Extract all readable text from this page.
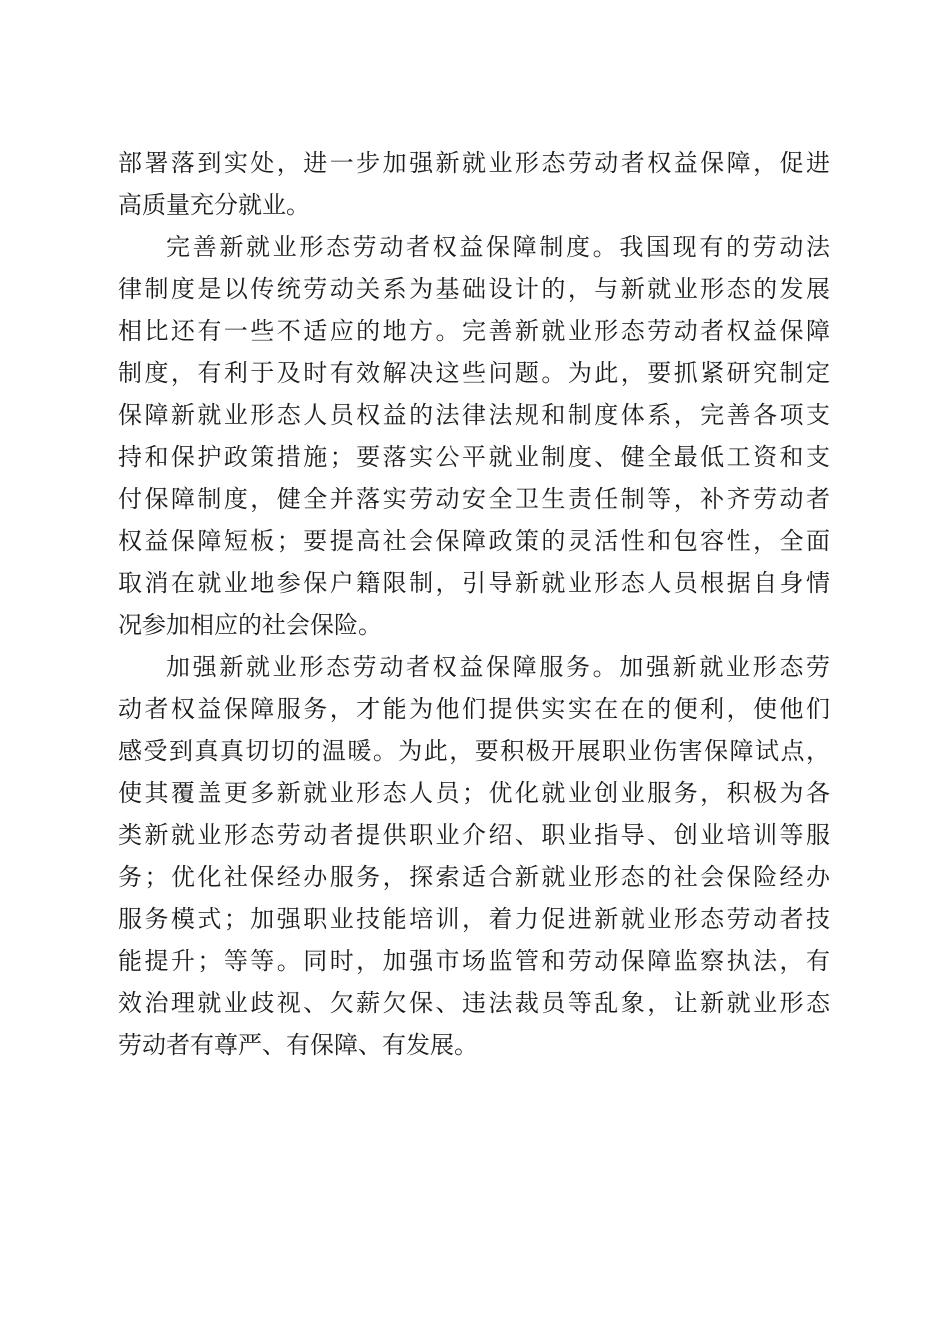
部署落到实处，进一步加强新就业形态劳动者权益保障，促进
高质量充分就业。
完善新就业形态劳动者权益保障制度。我国现有的劳动法
律制度是以传统劳动关系为基础设计的，与新就业形态的发展
相比还有一些不适应的地方。完善新就业形态劳动者权益保障
制度，有利于及时有效解决这些问题。为此，要抓紧研究制定
保障新就业形态人员权益的法律法规和制度体系，完善各项支
持和保护政策措施；要落实公平就业制度、健全最低工资和支
付保障制度，健全并落实劳动安全卫生责任制等，补齐劳动者
权益保障短板；要提高社会保障政策的灵活性和包容性，全面
取消在就业地参保户籍限制，引导新就业形态人员根据自身情
况参加相应的社会保险。
加强新就业形态劳动者权益保障服务。加强新就业形态劳
动者权益保障服务，才能为他们提供实实在在的便利，使他们
感受到真真切切的温暖。为此，要积极开展职业伤害保障试点，
使其覆盖更多新就业形态人员；优化就业创业服务，积极为各
类新就业形态劳动者提供职业介绍、职业指导、创业培训等服
务；优化社保经办服务，探索适合新就业形态的社会保险经办
服务模式；加强职业技能培训，着力促进新就业形态劳动者技
能提升；等等。同时，加强市场监管和劳动保障监察执法，有
效治理就业歧视、欠薪欠保、违法裁员等乱象，让新就业形态
劳动者有尊严、有保障、有发展。
